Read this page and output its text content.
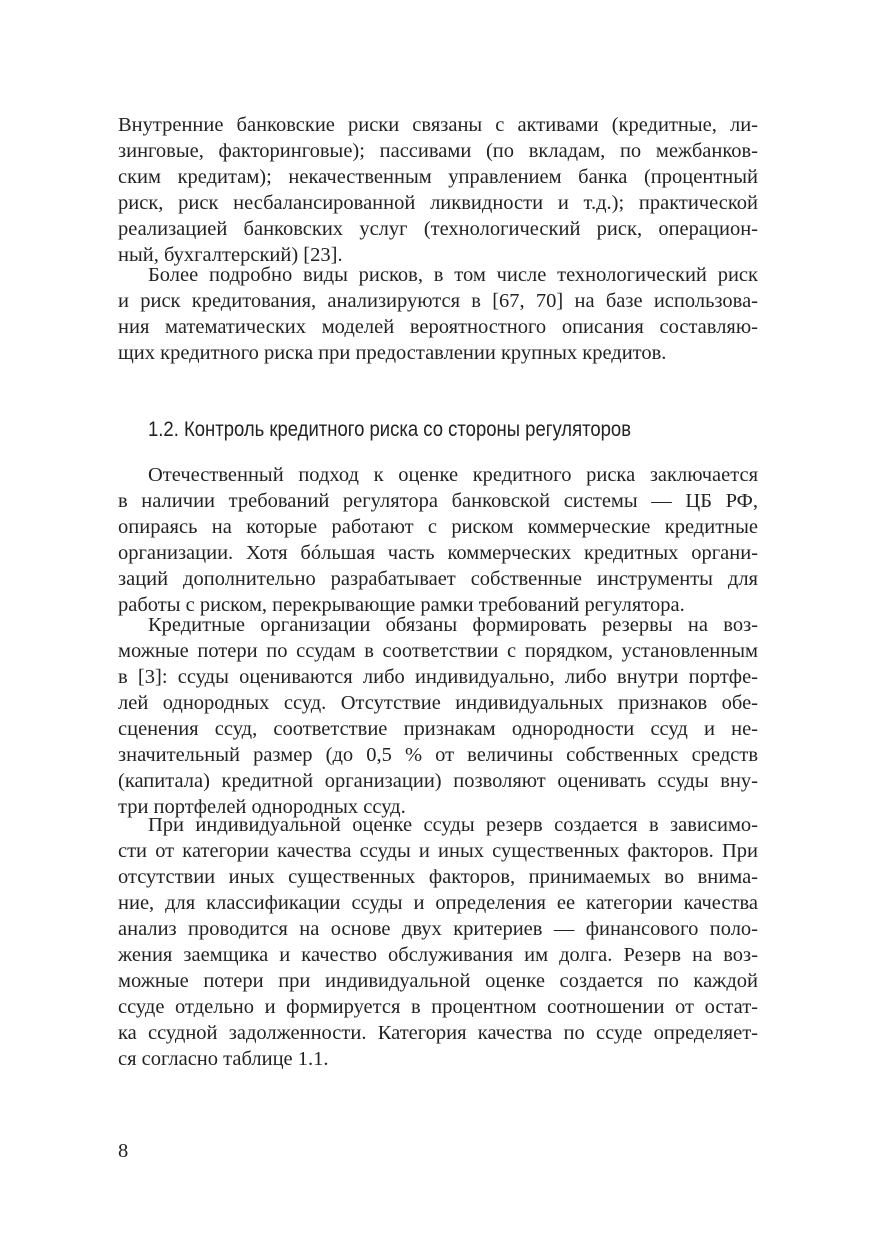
Внутренние банковские риски связаны с активами (кредитные, ли-
зинговые, факторинговые); пассивами (по вкладам, по межбанков-
ским кредитам); некачественным управлением банка (процентный
риск, риск несбалансированной ликвидности и т.д.); практической
реализацией банковских услуг (технологический риск, операцион-
ный, бухгалтерский) [23].
Более подробно виды рисков, в том числе технологический риск
и риск кредитования, анализируются в [67, 70] на базе использова-
ния математических моделей вероятностного описания составляю-
щих кредитного риска при предоставлении крупных кредитов.
1.2. Контроль кредитного риска со стороны регуляторов
Отечественный подход к оценке кредитного риска заключается
в наличии требований регулятора банковской системы — ЦБ РФ,
опираясь на которые работают с риском коммерческие кредитные
организации. Хотя бóльшая часть коммерческих кредитных органи-
заций дополнительно разрабатывает собственные инструменты для
работы с риском, перекрывающие рамки требований регулятора.
Кредитные организации обязаны формировать резервы на воз-
можные потери по ссудам в соответствии с порядком, установленным
в [3]: ссуды оцениваются либо индивидуально, либо внутри портфе-
лей однородных ссуд. Отсутствие индивидуальных признаков обе-
сценения ссуд, соответствие признакам однородности ссуд и не-
значительный размер (до 0,5 % от величины собственных средств
(капитала) кредитной организации) позволяют оценивать ссуды вну-
три портфелей однородных ссуд.
При индивидуальной оценке ссуды резерв создается в зависимо-
сти от категории качества ссуды и иных существенных факторов. При
отсутствии иных существенных факторов, принимаемых во внима-
ние, для классификации ссуды и определения ее категории качества
анализ проводится на основе двух критериев — финансового поло-
жения заемщика и качество обслуживания им долга. Резерв на воз-
можные потери при индивидуальной оценке создается по каждой
ссуде отдельно и формируется в процентном соотношении от остат-
ка ссудной задолженности. Категория качества по ссуде определяет-
ся согласно таблице 1.1.
8
